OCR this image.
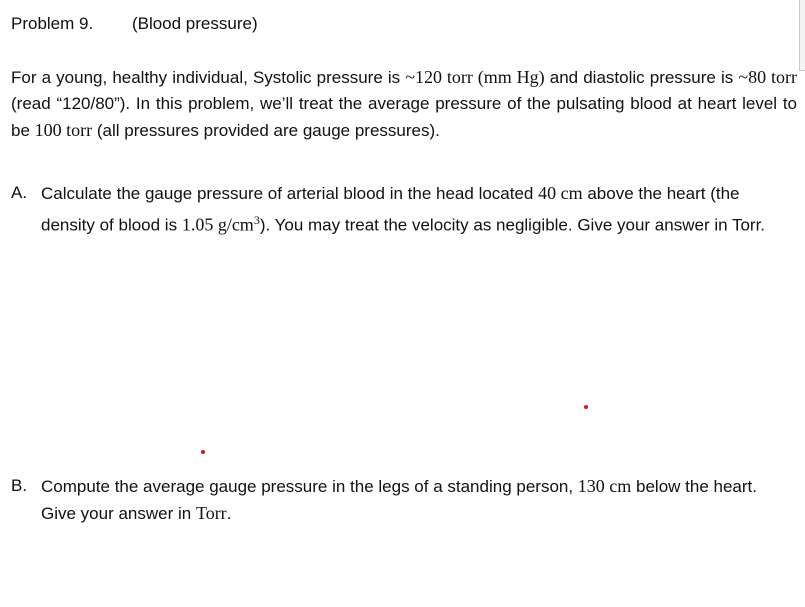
Problem 9. (Blood pressure)

For a young, healthy individual, Systolic pressure is ~120 torr (mm Hg) and diastolic pressure is ~80 torr (read “120/80”). In this problem, we’ll treat the average pressure of the pulsating blood at heart level to be 100 torr (all pressures provided are gauge pressures).

A. Calculate the gauge pressure of arterial blood in the head located 40 cm above the heart (the density of blood is 1.05 $g/cm^3$). You may treat the velocity as negligible. Give your answer in Torr.
B. Compute the average gauge pressure in the legs of a standing person, 130 cm below the heart. Give your answer in Torr.
